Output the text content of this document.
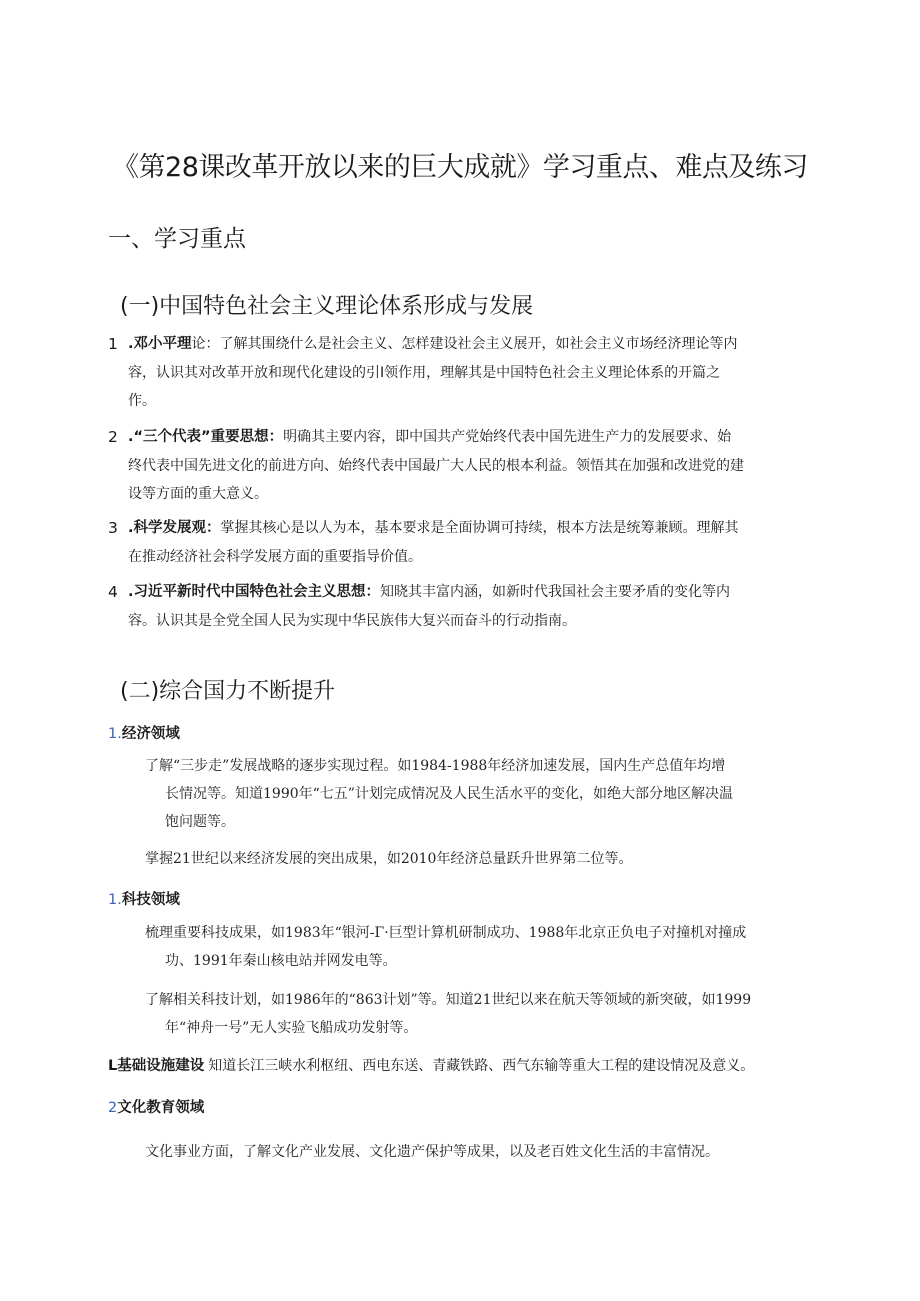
《第28课改革开放以来的巨大成就》学习重点、难点及练习
一、学习重点
(一)中国特色社会主义理论体系形成与发展
1 .邓小平理论：了解其围绕什么是社会主义、怎样建设社会主义展开，如社会主义市场经济理论等内
容，认识其对改革开放和现代化建设的引Ⅰ领作用，理解其是中国特色社会主义理论体系的开篇之
作。
2 .“三个代表”重要思想：明确其主要内容，即中国共产党始终代表中国先进生产力的发展要求、始
终代表中国先进文化的前进方向、始终代表中国最广大人民的根本利益。领悟其在加强和改进党的建
设等方面的重大意义。
3 .科学发展观：掌握其核心是以人为本，基本要求是全面协调可持续，根本方法是统筹兼顾。理解其
在推动经济社会科学发展方面的重要指导价值。
4 .习近平新时代中国特色社会主义思想：知晓其丰富内涵，如新时代我国社会主要矛盾的变化等内
容。认识其是全党全国人民为实现中华民族伟大复兴而奋斗的行动指南。
(二)综合国力不断提升
1.经济领域
了解“三步走”发展战略的逐步实现过程。如1984-1988年经济加速发展，国内生产总值年均增
长情况等。知道1990年“七五”计划完成情况及人民生活水平的变化，如绝大部分地区解决温
饱问题等。
掌握21世纪以来经济发展的突出成果，如2010年经济总量跃升世界第二位等。
1.科技领域
梳理重要科技成果，如1983年“银河-Γ·巨型计算机研制成功、1988年北京正负电子对撞机对撞成
功、1991年秦山核电站并网发电等。
了解相关科技计划，如1986年的“863计划”等。知道21世纪以来在航天等领域的新突破，如1999
年“神舟一号”无人实验飞船成功发射等。
L基础设施建设 知道长江三峡水利枢纽、西电东送、青藏铁路、西气东输等重大工程的建设情况及意义。
2文化教育领域
文化事业方面，了解文化产业发展、文化遗产保护等成果，以及老百姓文化生活的丰富情况。
